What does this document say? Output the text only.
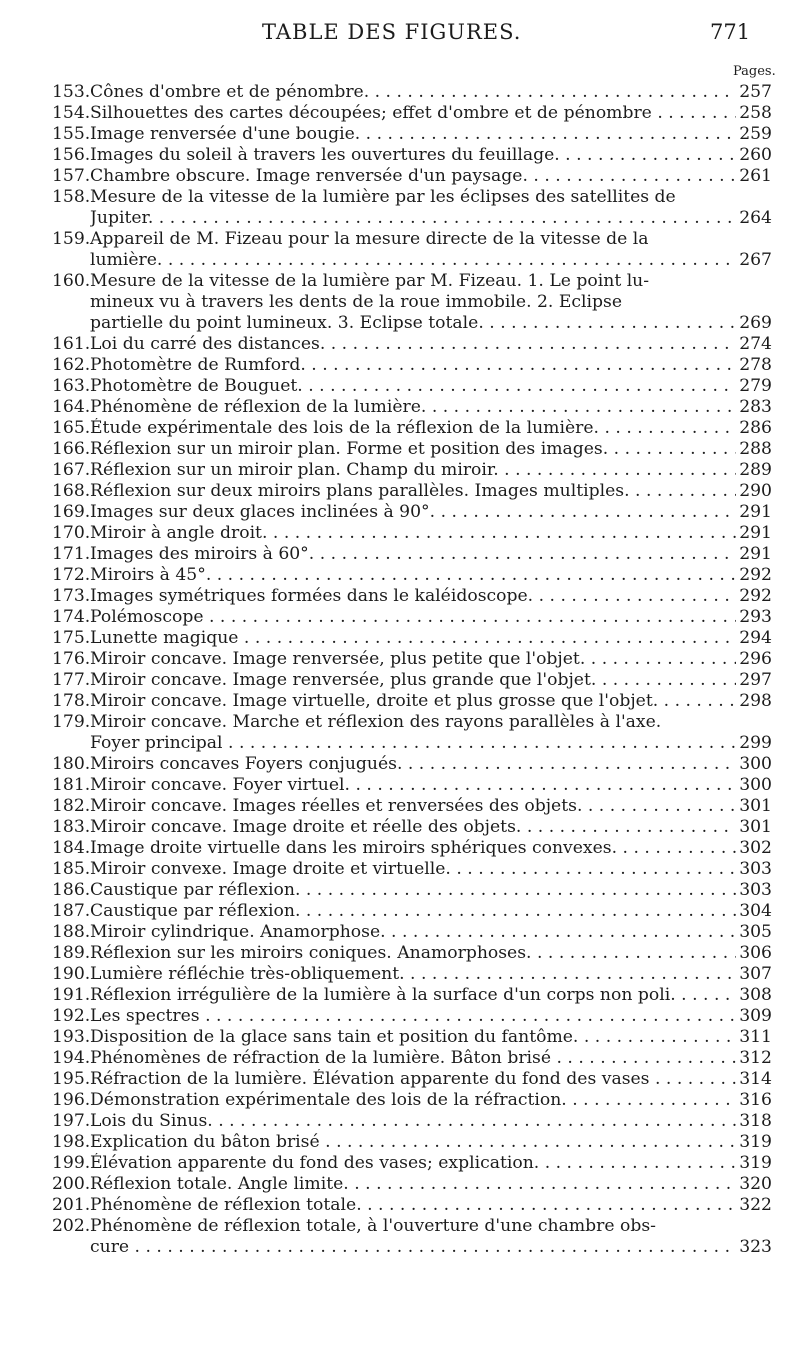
TABLE DES FIGURES.	771
Pages.
153. Cônes d'ombre et de pénombre. . . .	257
154. Silhouettes des cartes découpées; effet d'ombre et de pénombre . . .	258
155. Image renversée d'une bougie. . . .	259
156. Images du soleil à travers les ouvertures du feuillage. . . .	260
157. Chambre obscure. Image renversée d'un paysage. . . .	261
158. Mesure de la vitesse de la lumière par les éclipses des satellites de
Jupiter. . . .	264
159. Appareil de M. Fizeau pour la mesure directe de la vitesse de la
lumière. . . .	267
160. Mesure de la vitesse de la lumière par M. Fizeau. 1. Le point lu-
mineux vu à travers les dents de la roue immobile. 2. Eclipse
partielle du point lumineux. 3. Eclipse totale. . . .	269
161. Loi du carré des distances. . . .	274
162. Photomètre de Rumford. . . .	278
163. Photomètre de Bouguet. . . .	279
164. Phénomène de réflexion de la lumière. . . .	283
165. Étude expérimentale des lois de la réflexion de la lumière. . . .	286
166. Réflexion sur un miroir plan. Forme et position des images. . . .	288
167. Réflexion sur un miroir plan. Champ du miroir. . . .	289
168. Réflexion sur deux miroirs plans parallèles. Images multiples. . . .	290
169. Images sur deux glaces inclinées à 90°. . . .	291
170. Miroir à angle droit. . . .	291
171. Images des miroirs à 60°. . . .	291
172. Miroirs à 45°. . . .	292
173. Images symétriques formées dans le kaléidoscope. . . .	292
174. Polémoscope . . .	293
175. Lunette magique . . .	294
176. Miroir concave. Image renversée, plus petite que l'objet. . . .	296
177. Miroir concave. Image renversée, plus grande que l'objet. . . .	297
178. Miroir concave. Image virtuelle, droite et plus grosse que l'objet. . . .	298
179. Miroir concave. Marche et réflexion des rayons parallèles à l'axe.
Foyer principal . . .	299
180. Miroirs concaves Foyers conjugués. . . .	300
181. Miroir concave. Foyer virtuel. . . .	300
182. Miroir concave. Images réelles et renversées des objets. . . .	301
183. Miroir concave. Image droite et réelle des objets. . . .	301
184. Image droite virtuelle dans les miroirs sphériques convexes. . . .	302
185. Miroir convexe. Image droite et virtuelle. . . .	303
186. Caustique par réflexion. . . .	303
187. Caustique par réflexion. . . .	304
188. Miroir cylindrique. Anamorphose. . . .	305
189. Réflexion sur les miroirs coniques. Anamorphoses. . . .	306
190. Lumière réfléchie très-obliquement. . . .	307
191. Réflexion irrégulière de la lumière à la surface d'un corps non poli. . . .	308
192. Les spectres . . .	309
193. Disposition de la glace sans tain et position du fantôme. . . .	311
194. Phénomènes de réfraction de la lumière. Bâton brisé . . .	312
195. Réfraction de la lumière. Élévation apparente du fond des vases . . .	314
196. Démonstration expérimentale des lois de la réfraction. . . .	316
197. Lois du Sinus. . . .	318
198. Explication du bâton brisé . . .	319
199. Élévation apparente du fond des vases; explication. . . .	319
200. Réflexion totale. Angle limite. . . .	320
201. Phénomène de réflexion totale. . . .	322
202. Phénomène de réflexion totale, à l'ouverture d'une chambre obs-
cure . . .	323
